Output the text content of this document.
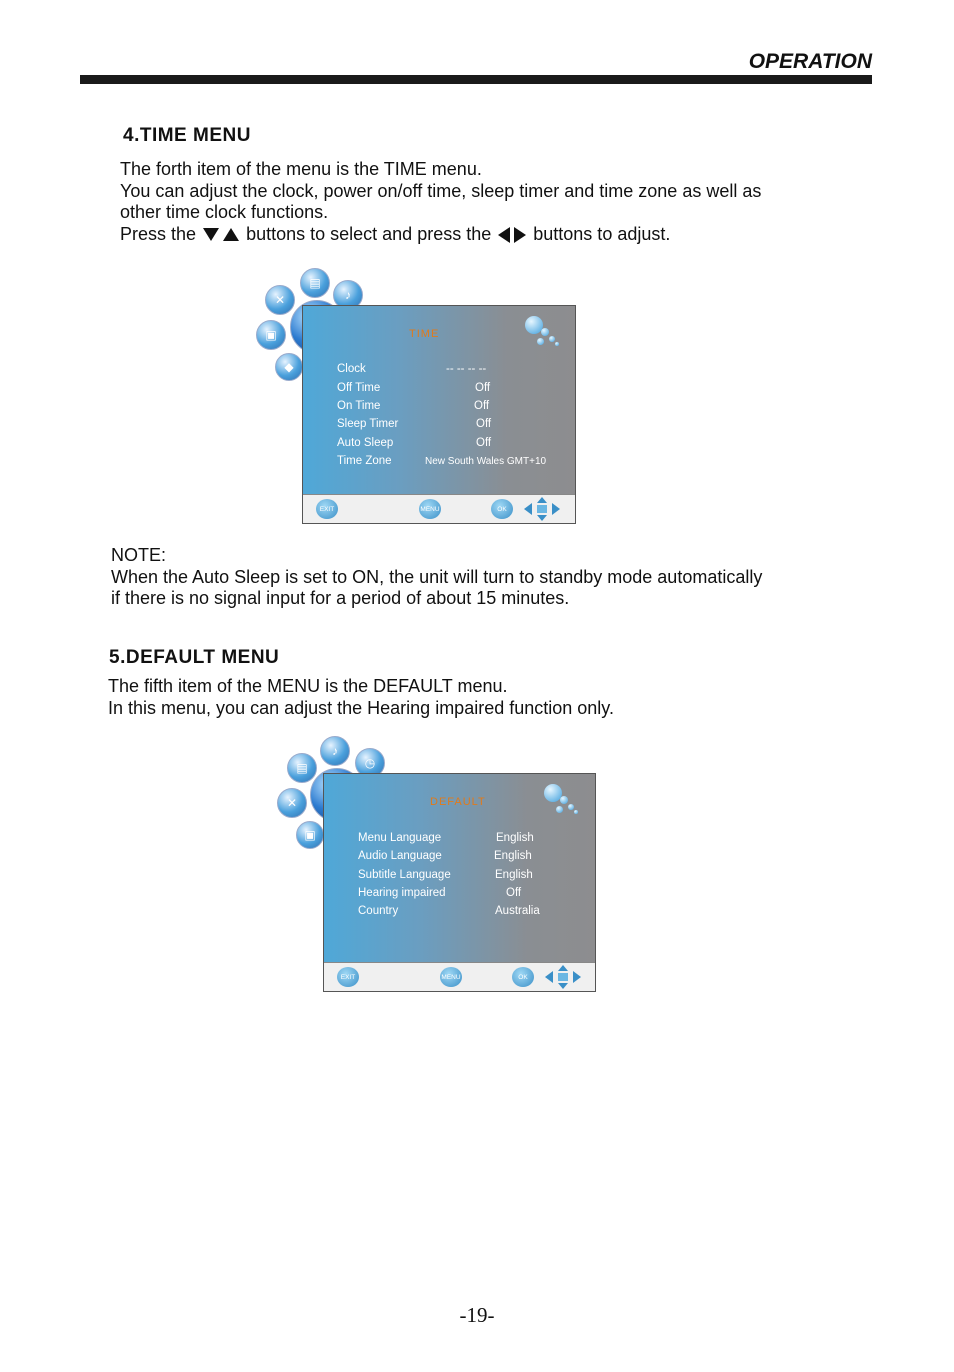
OPERATION
4.TIME MENU
The forth item of the menu is the TIME menu.
You can adjust the clock, power on/off time, sleep timer and time zone as well as
other time clock functions.
Press the	buttons to select and press the buttons to adjust.
▤
♪
✕
▣
◆
TIME
Clock	-- -- -- --
Off Time	Off
On Time	Off
Sleep Timer	Off
Auto Sleep	Off
Time Zone	New South Wales GMT+10
EXIT	MENU	OK
NOTE:
When the Auto Sleep is set to ON, the unit will turn to standby mode automatically
if there is no signal input for a period of about 15 minutes.
5.DEFAULT MENU
The fifth item of the MENU is the DEFAULT menu.
In this menu, you can adjust the Hearing impaired function only.
♪
◷
▤
✕
▣
DEFAULT
Menu Language	English
Audio Language	English
Subtitle Language	English
Hearing impaired	Off
Country	Australia
EXIT	MENU	OK
-19-
